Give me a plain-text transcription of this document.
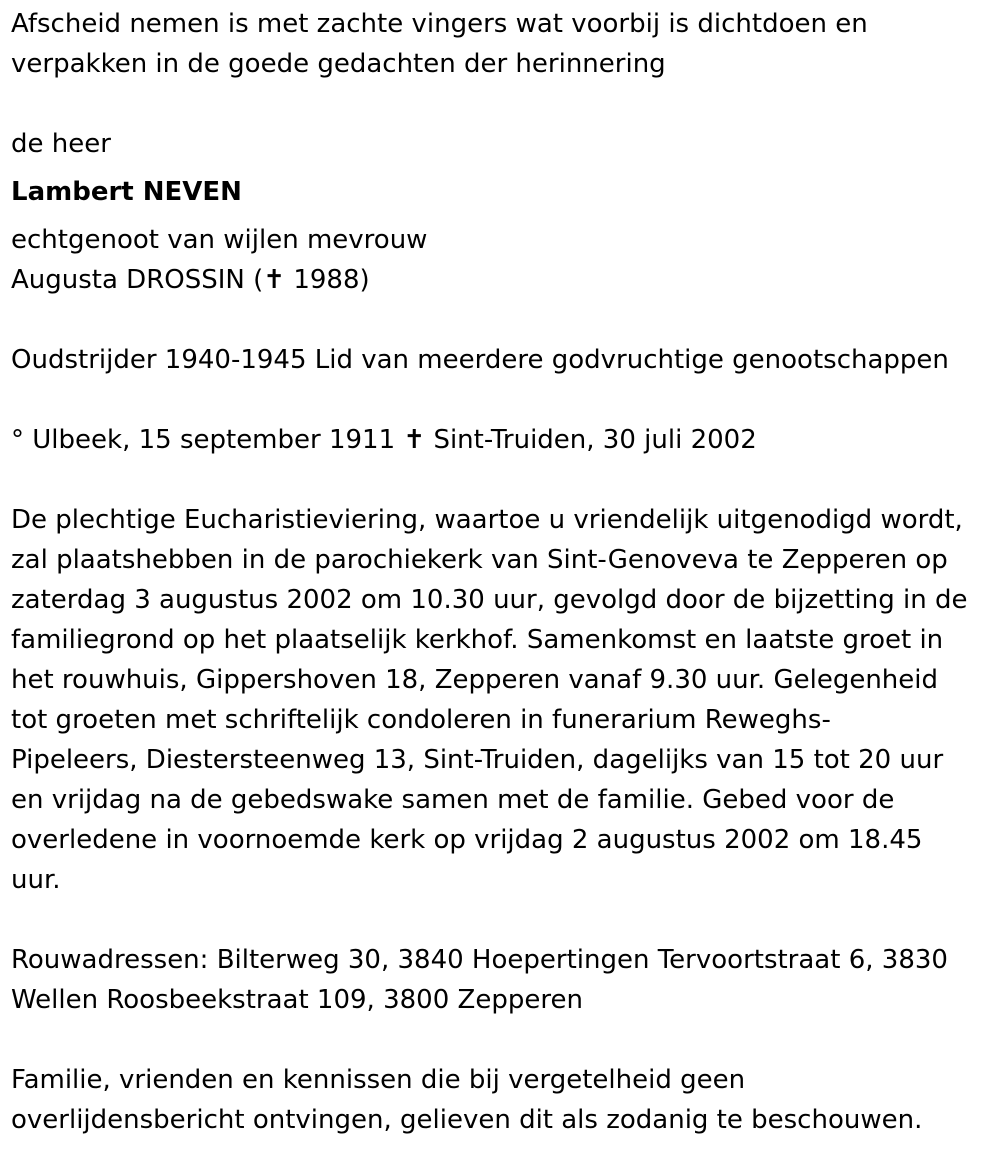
Afscheid nemen is met zachte vingers wat voorbij is dichtdoen en

verpakken in de goede gedachten der herinnering

de heer

Lambert NEVEN

echtgenoot van wijlen mevrouw

Augusta DROSSIN (✝ 1988)

Oudstrijder 1940-1945 Lid van meerdere godvruchtige genootschappen

° Ulbeek, 15 september 1911 ✝ Sint-Truiden, 30 juli 2002

De plechtige Eucharistieviering, waartoe u vriendelijk uitgenodigd wordt,

zal plaatshebben in de parochiekerk van Sint-Genoveva te Zepperen op

zaterdag 3 augustus 2002 om 10.30 uur, gevolgd door de bijzetting in de

familiegrond op het plaatselijk kerkhof. Samenkomst en laatste groet in

het rouwhuis, Gippershoven 18, Zepperen vanaf 9.30 uur. Gelegenheid

tot groeten met schriftelijk condoleren in funerarium Reweghs-

Pipeleers, Diestersteenweg 13, Sint-Truiden, dagelijks van 15 tot 20 uur

en vrijdag na de gebedswake samen met de familie. Gebed voor de

overledene in voornoemde kerk op vrijdag 2 augustus 2002 om 18.45

uur.

Rouwadressen: Bilterweg 30, 3840 Hoepertingen Tervoortstraat 6, 3830

Wellen Roosbeekstraat 109, 3800 Zepperen

Familie, vrienden en kennissen die bij vergetelheid geen

overlijdensbericht ontvingen, gelieven dit als zodanig te beschouwen.
